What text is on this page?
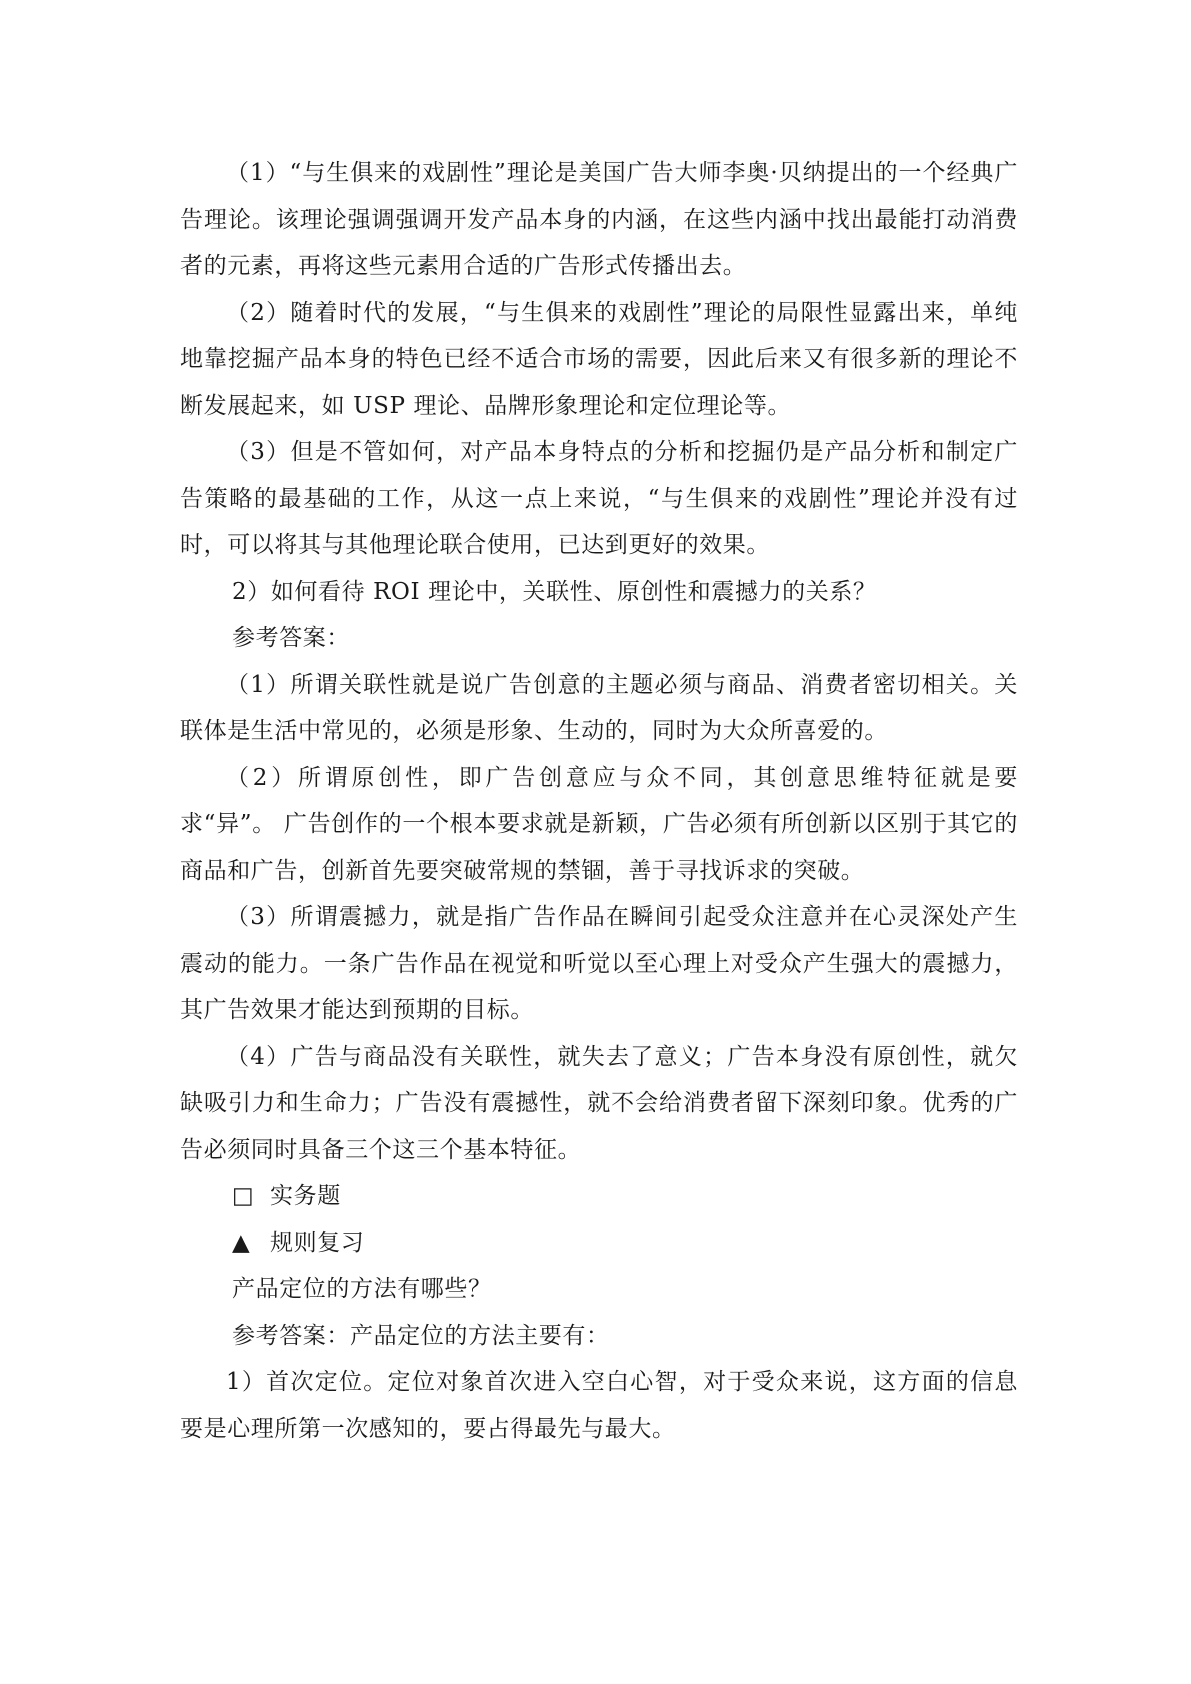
（1）“与生俱来的戏剧性”理论是美国广告大师李奥·贝纳提出的一个经典广告理论。该理论强调强调开发产品本身的内涵，在这些内涵中找出最能打动消费者的元素，再将这些元素用合适的广告形式传播出去。

（2）随着时代的发展，“与生俱来的戏剧性”理论的局限性显露出来，单纯地靠挖掘产品本身的特色已经不适合市场的需要，因此后来又有很多新的理论不断发展起来，如 USP 理论、品牌形象理论和定位理论等。

（3）但是不管如何，对产品本身特点的分析和挖掘仍是产品分析和制定广告策略的最基础的工作，从这一点上来说，“与生俱来的戏剧性”理论并没有过时，可以将其与其他理论联合使用，已达到更好的效果。

2）如何看待 ROI 理论中，关联性、原创性和震撼力的关系？

参考答案：

（1）所谓关联性就是说广告创意的主题必须与商品、消费者密切相关。关联体是生活中常见的，必须是形象、生动的，同时为大众所喜爱的。

（2）所谓原创性，即广告创意应与众不同，其创意思维特征就是要求“异”。 广告创作的一个根本要求就是新颖，广告必须有所创新以区别于其它的商品和广告，创新首先要突破常规的禁锢，善于寻找诉求的突破。

（3）所谓震撼力，就是指广告作品在瞬间引起受众注意并在心灵深处产生震动的能力。一条广告作品在视觉和听觉以至心理上对受众产生强大的震撼力，其广告效果才能达到预期的目标。

（4）广告与商品没有关联性，就失去了意义；广告本身没有原创性，就欠缺吸引力和生命力；广告没有震撼性，就不会给消费者留下深刻印象。优秀的广告必须同时具备三个这三个基本特征。

□ 实务题

▲ 规则复习

产品定位的方法有哪些？

参考答案：产品定位的方法主要有：

1）首次定位。定位对象首次进入空白心智，对于受众来说，这方面的信息要是心理所第一次感知的，要占得最先与最大。
